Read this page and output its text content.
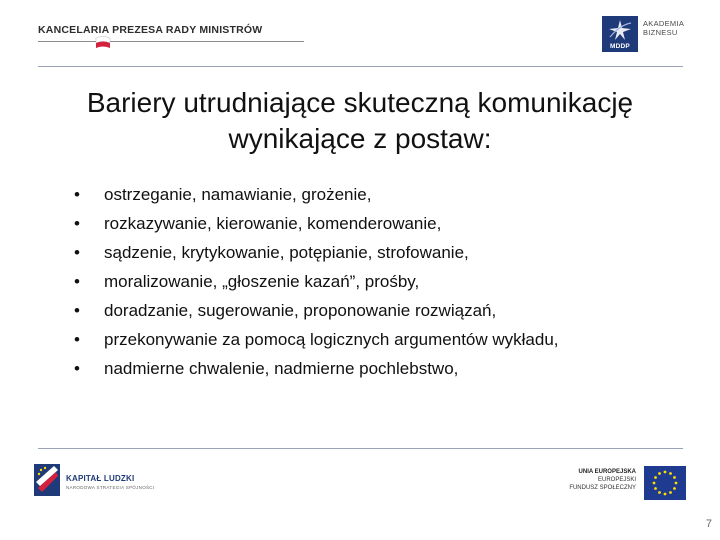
KANCELARIA PREZESA RADY MINISTRÓW
MDDP
AKADEMIA
BIZNESU
Bariery utrudniające skuteczną komunikację wynikające z postaw:
•	ostrzeganie, namawianie, grożenie,
•	rozkazywanie, kierowanie, komenderowanie,
•	sądzenie, krytykowanie, potępianie, strofowanie,
•	moralizowanie, „głoszenie kazań”, prośby,
•	doradzanie, sugerowanie, proponowanie rozwiązań,
•	przekonywanie za pomocą logicznych argumentów wykładu,
•	nadmierne chwalenie, nadmierne pochlebstwo,
KAPITAŁ LUDZKI
NARODOWA STRATEGIA SPÓJNOŚCI
UNIA EUROPEJSKA
EUROPEJSKI
FUNDUSZ SPOŁECZNY
7
